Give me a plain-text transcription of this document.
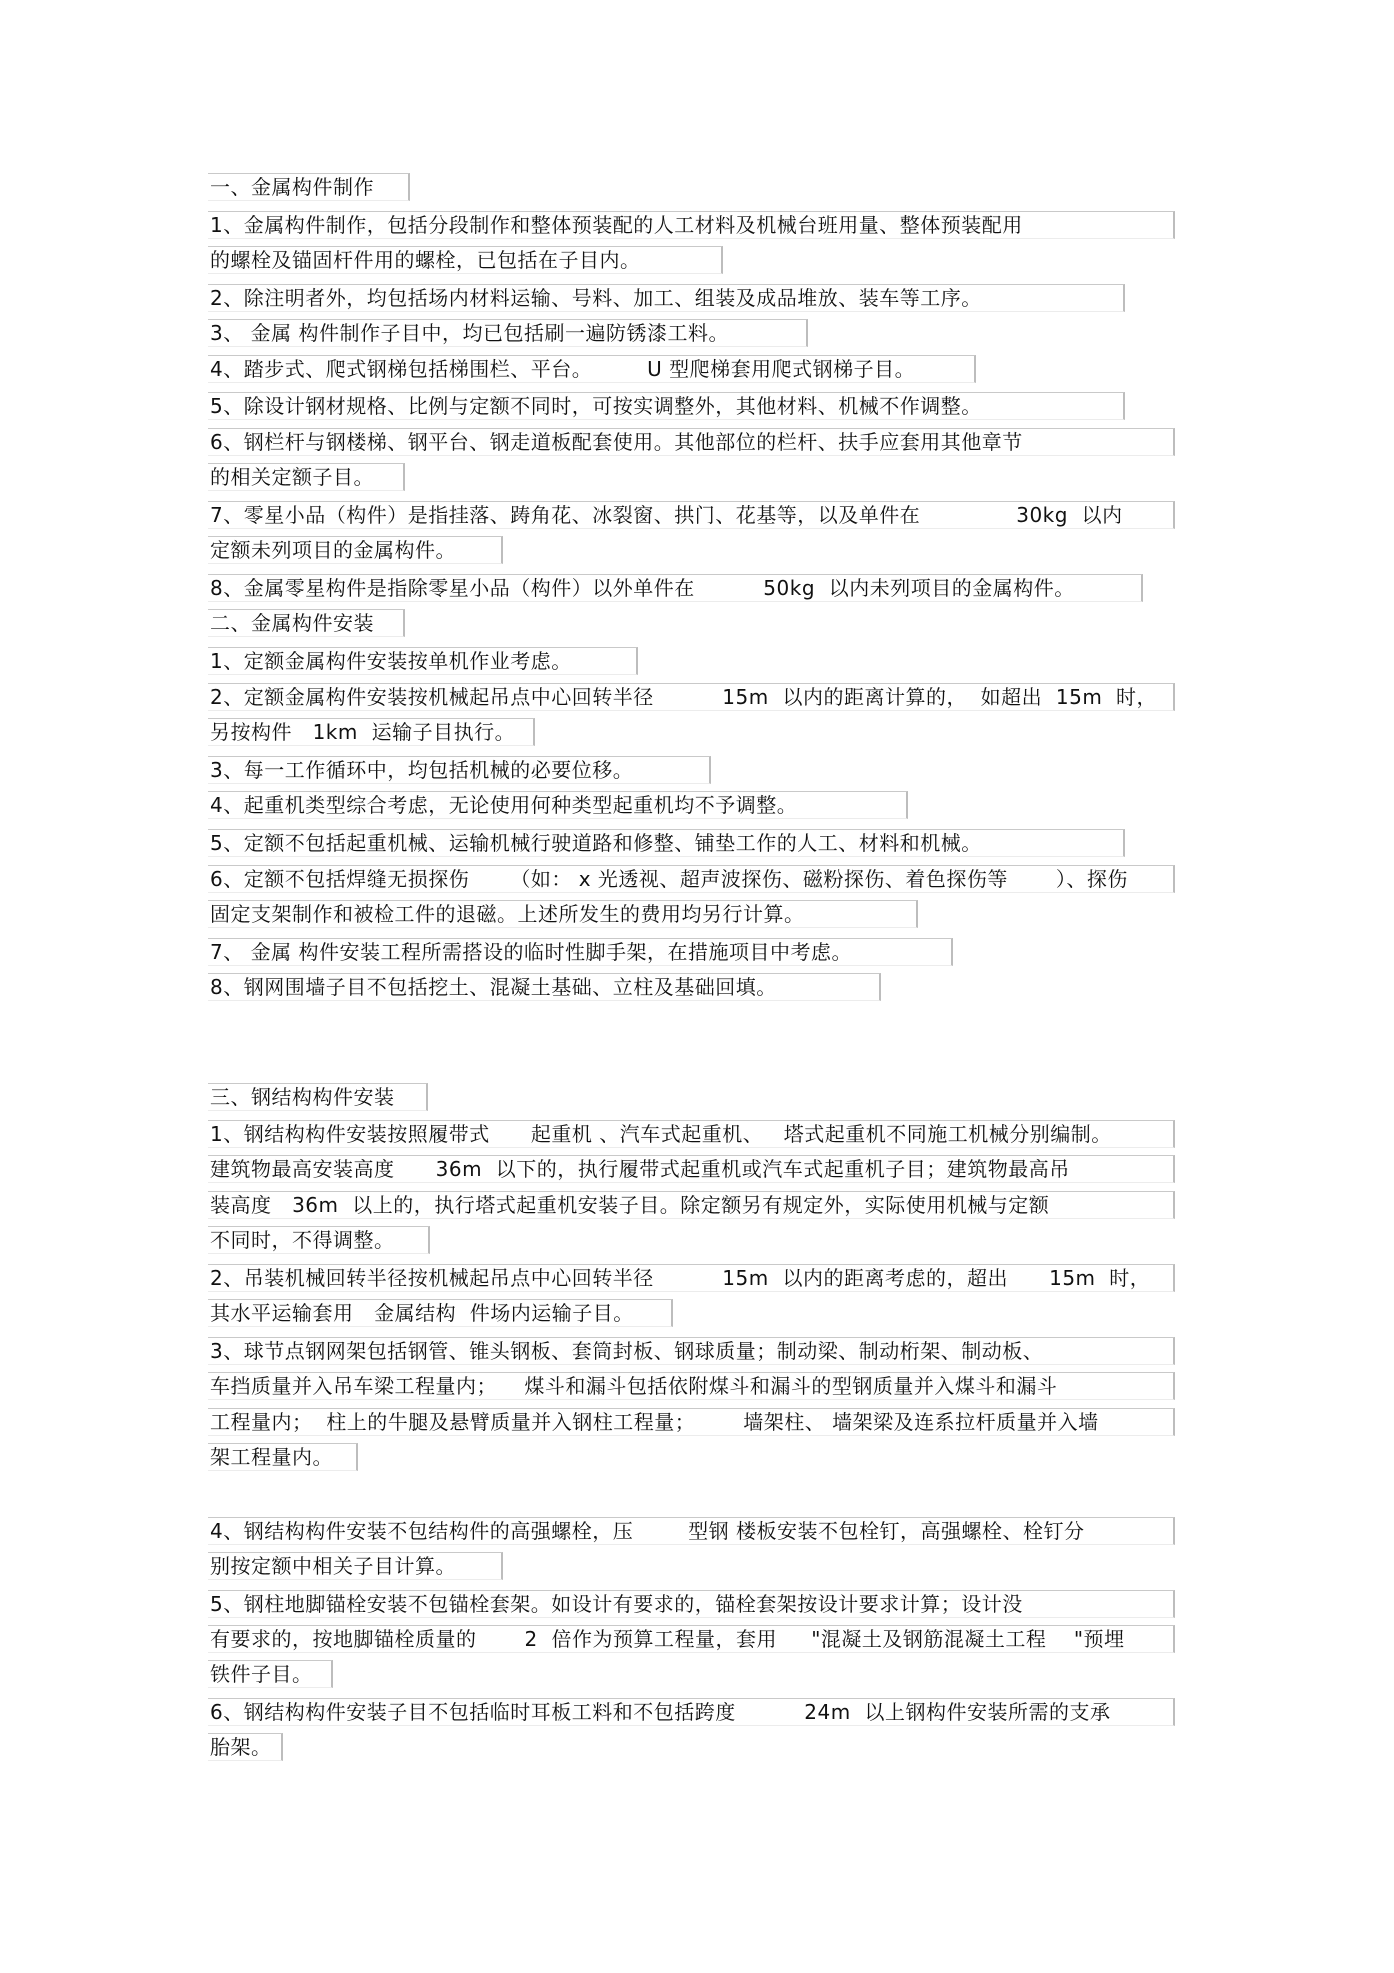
一、金属构件制作
1、金属构件制作，包括分段制作和整体预装配的人工材料及机械台班用量、整体预装配用
的螺栓及锚固杆件用的螺栓，已包括在子目内。
2、除注明者外，均包括场内材料运输、号料、加工、组装及成品堆放、装车等工序。
3、 金属 构件制作子目中，均已包括刷一遍防锈漆工料。
4、踏步式、爬式钢梯包括梯围栏、平台。        U 型爬梯套用爬式钢梯子目。
5、除设计钢材规格、比例与定额不同时，可按实调整外，其他材料、机械不作调整。
6、钢栏杆与钢楼梯、钢平台、钢走道板配套使用。其他部位的栏杆、扶手应套用其他章节
的相关定额子目。
7、零星小品（构件）是指挂落、踌角花、冰裂窗、拱门、花基等，以及单件在              30kg  以内
定额未列项目的金属构件。
8、金属零星构件是指除零星小品（构件）以外单件在          50kg  以内未列项目的金属构件。
二、金属构件安装
1、定额金属构件安装按单机作业考虑。
2、定额金属构件安装按机械起吊点中心回转半径          15m  以内的距离计算的，  如超出  15m  时，
另按构件   1km  运输子目执行。
3、每一工作循环中，均包括机械的必要位移。
4、起重机类型综合考虑，无论使用何种类型起重机均不予调整。
5、定额不包括起重机械、运输机械行驶道路和修整、铺垫工作的人工、材料和机械。
6、定额不包括焊缝无损探伤      （如： x 光透视、超声波探伤、磁粉探伤、着色探伤等       ）、探伤
固定支架制作和被检工件的退磁。上述所发生的费用均另行计算。
7、 金属 构件安装工程所需搭设的临时性脚手架，在措施项目中考虑。
8、钢网围墙子目不包括挖土、混凝土基础、立柱及基础回填。
三、钢结构构件安装
1、钢结构构件安装按照履带式      起重机 、汽车式起重机、   塔式起重机不同施工机械分别编制。
建筑物最高安装高度      36m  以下的，执行履带式起重机或汽车式起重机子目；建筑物最高吊
装高度   36m  以上的，执行塔式起重机安装子目。除定额另有规定外，实际使用机械与定额
不同时，不得调整。
2、吊装机械回转半径按机械起吊点中心回转半径          15m  以内的距离考虑的，超出      15m  时，
其水平运输套用   金属结构  件场内运输子目。
3、球节点钢网架包括钢管、锥头钢板、套筒封板、钢球质量；制动梁、制动桁架、制动板、
车挡质量并入吊车梁工程量内；    煤斗和漏斗包括依附煤斗和漏斗的型钢质量并入煤斗和漏斗
工程量内；  柱上的牛腿及悬臂质量并入钢柱工程量；       墙架柱、 墙架梁及连系拉杆质量并入墙
架工程量内。
4、钢结构构件安装不包结构件的高强螺栓，压        型钢 楼板安装不包栓钉，高强螺栓、栓钉分
别按定额中相关子目计算。
5、钢柱地脚锚栓安装不包锚栓套架。如设计有要求的，锚栓套架按设计要求计算；设计没
有要求的，按地脚锚栓质量的       2  倍作为预算工程量，套用     "混凝土及钢筋混凝土工程    "预埋
铁件子目。
6、钢结构构件安装子目不包括临时耳板工料和不包括跨度          24m  以上钢构件安装所需的支承
胎架。
